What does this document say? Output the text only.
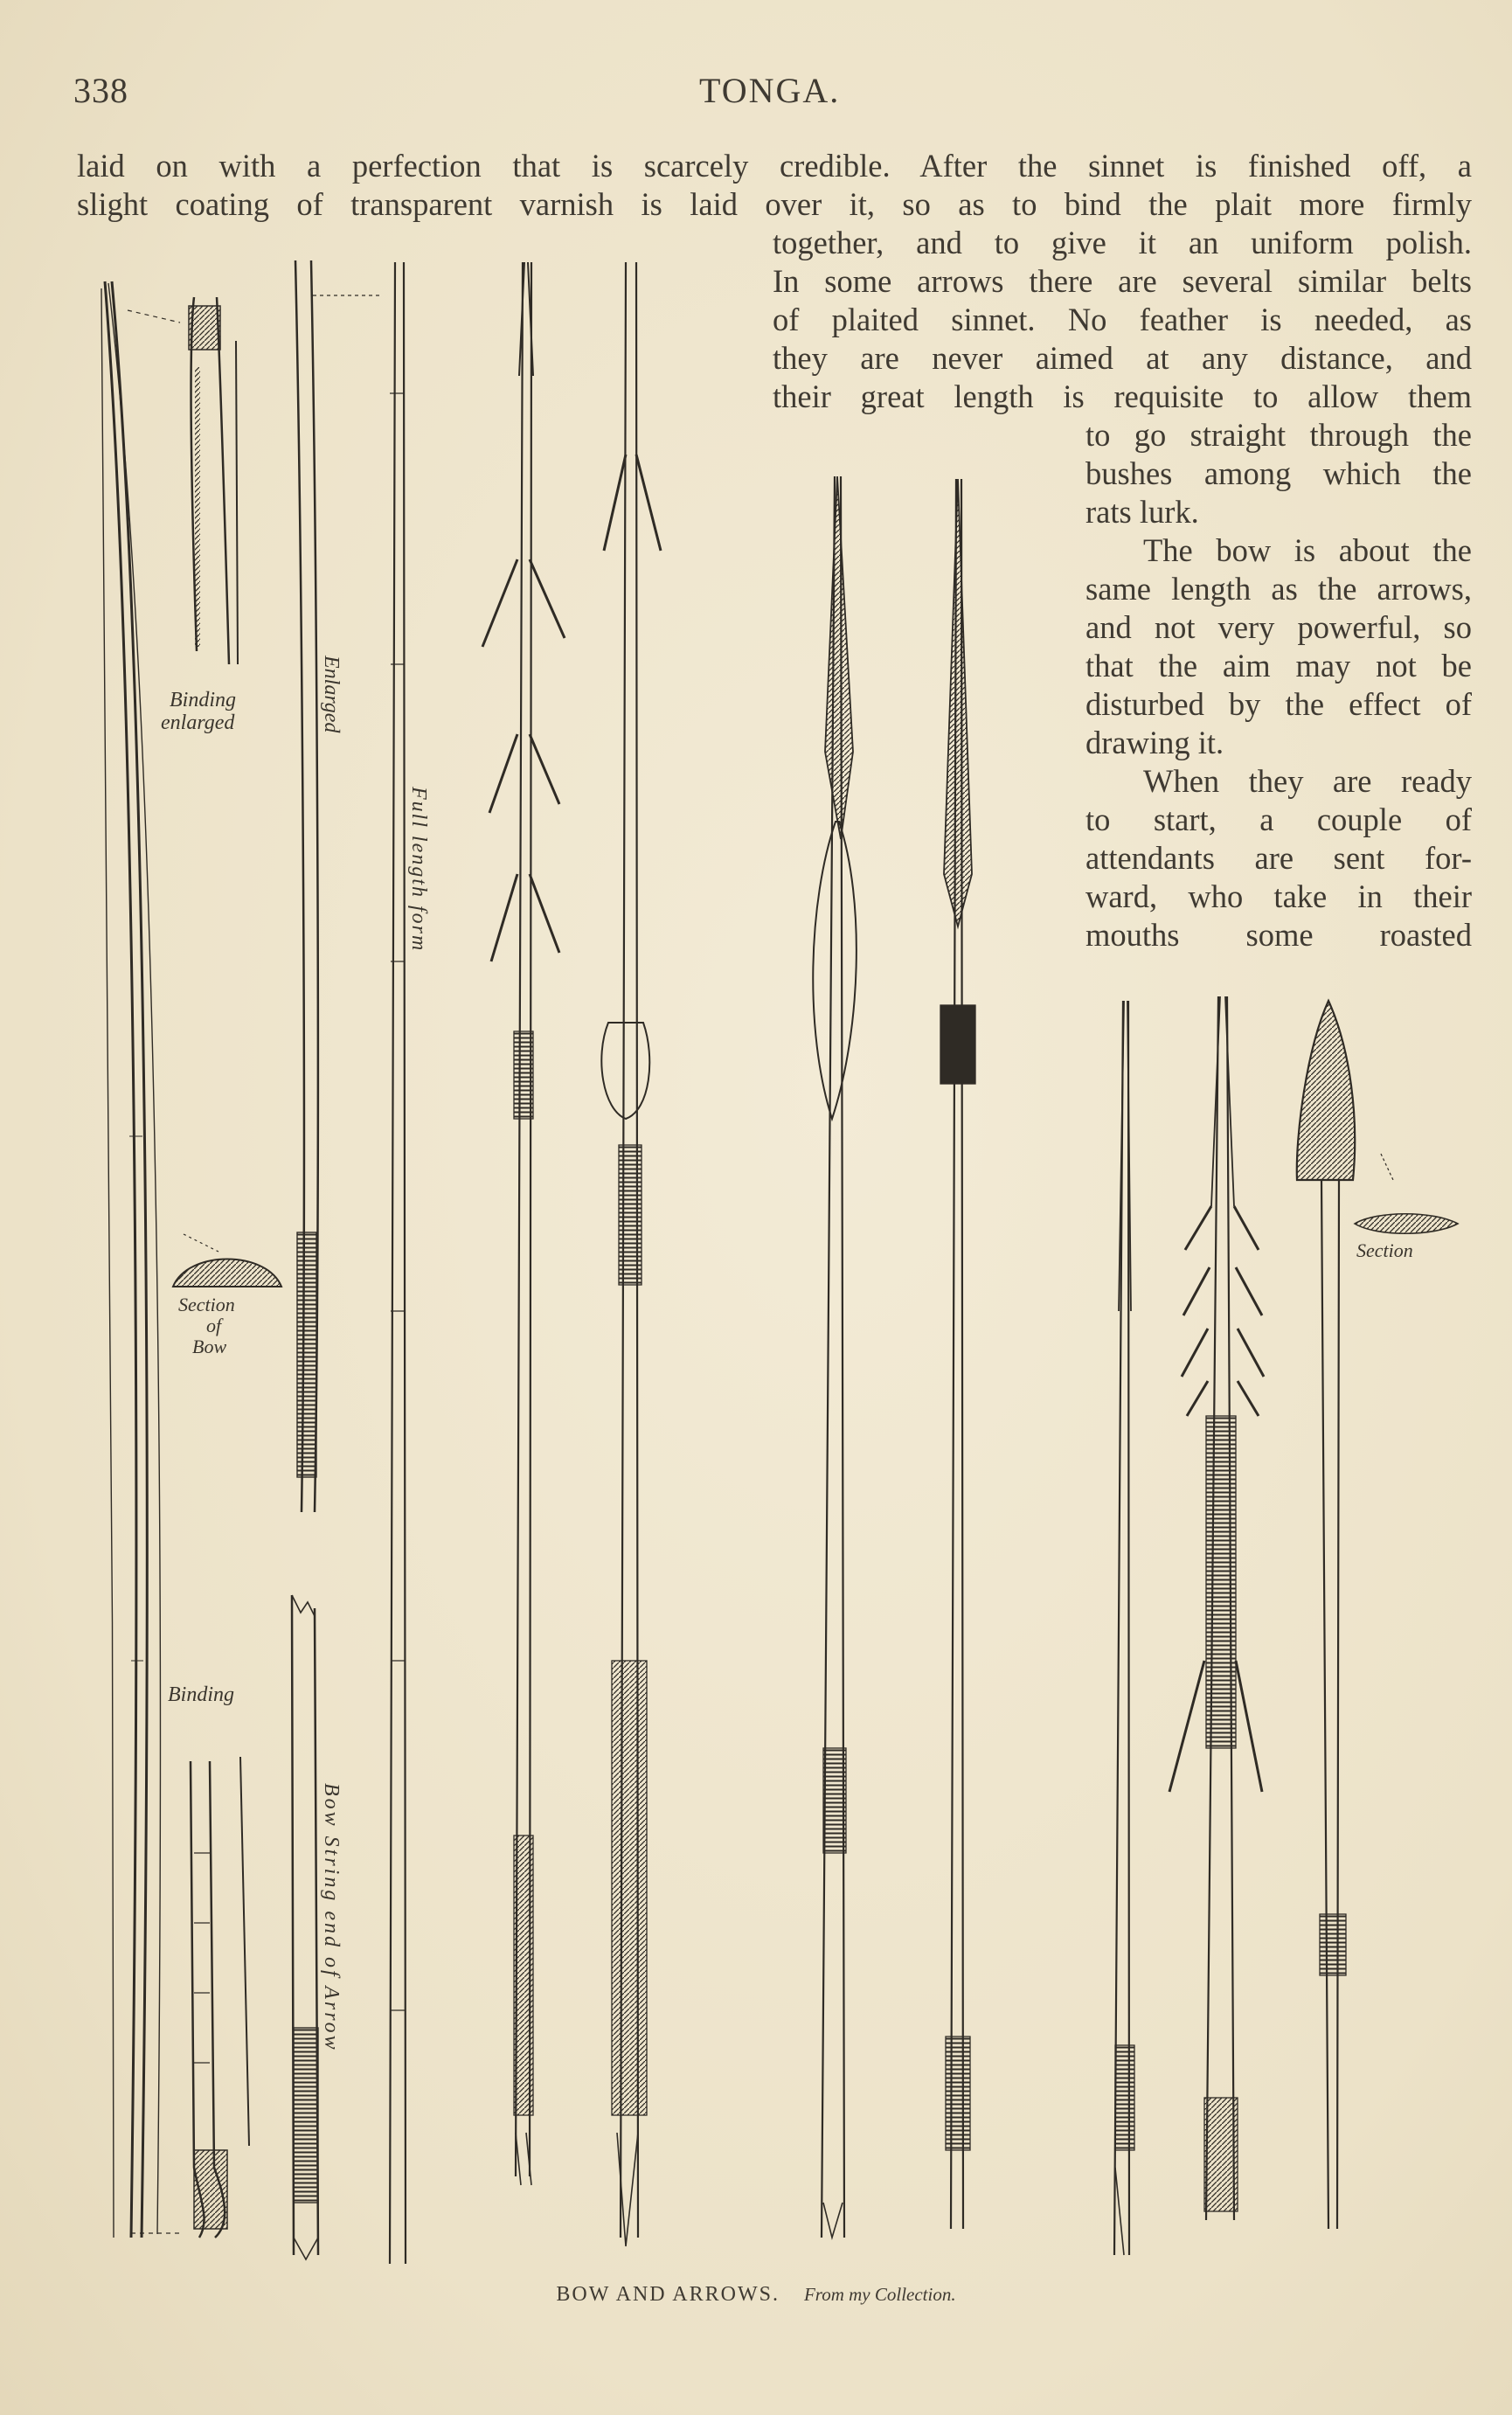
338	TONGA.
laid on with a perfection that is scarcely credible. After the sinnet is finished off, a
slight coating of transparent varnish is laid over it, so as to bind the plait more firmly
together, and to give it an uniform polish.
In some arrows there are several similar belts
of plaited sinnet. No feather is needed, as
they are never aimed at any distance, and
their great length is requisite to allow them
to go straight through the
bushes among which the
rats lurk.
The bow is about the
same length as the arrows,
and not very powerful, so
that the aim may not be
disturbed by the effect of
drawing it.
When they are ready
to start, a couple of
attendants are sent for-
ward, who take in their
mouths some roasted
Binding
enlarged	Enlarged
Full length form
Section
of
Bow
Binding
Bow String end of Arrow
Section
BOW AND ARROWS. From my Collection.
